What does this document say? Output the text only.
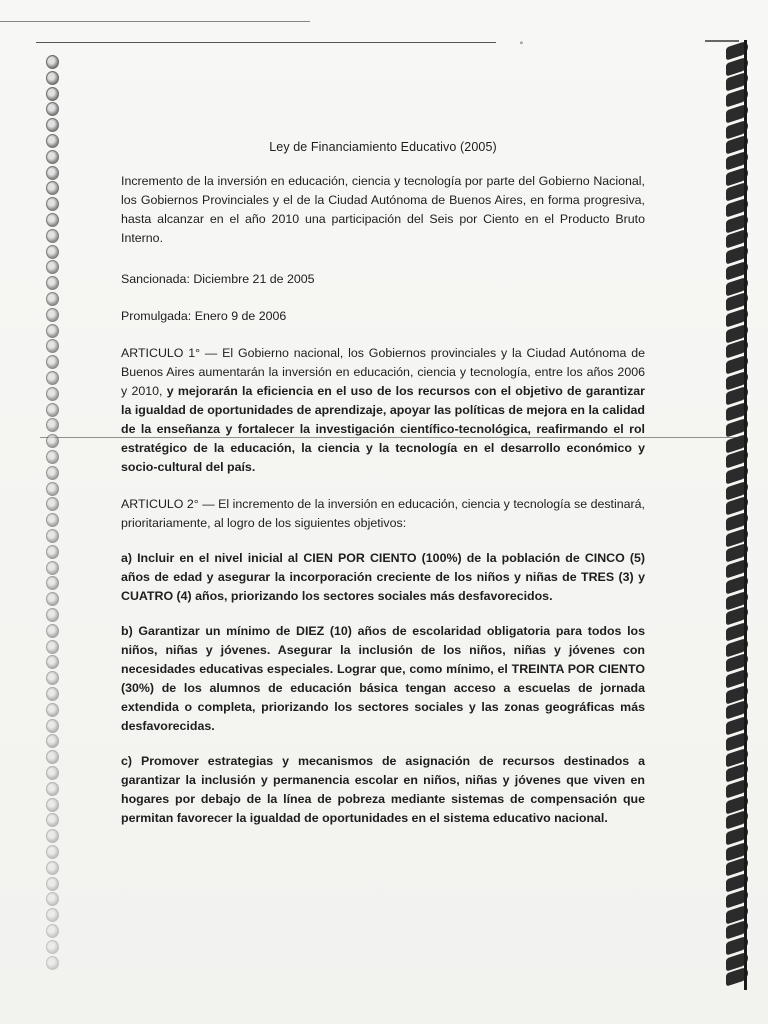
˚
Ley de Financiamiento Educativo (2005)

Incremento de la inversión en educación, ciencia y tecnología por parte del Gobierno Nacional, los Gobiernos Provinciales y el de la Ciudad Autónoma de Buenos Aires, en forma progresiva, hasta alcanzar en el año 2010 una participación del Seis por Ciento en el Producto Bruto Interno.

Sancionada: Diciembre 21 de 2005

Promulgada: Enero 9 de 2006

ARTICULO 1° — El Gobierno nacional, los Gobiernos provinciales y la Ciudad Autónoma de Buenos Aires aumentarán la inversión en educación, ciencia y tecnología, entre los años 2006 y 2010, y mejorarán la eficiencia en el uso de los recursos con el objetivo de garantizar la igualdad de oportunidades de aprendizaje, apoyar las políticas de mejora en la calidad de la enseñanza y fortalecer la investigación científico-tecnológica, reafirmando el rol estratégico de la educación, la ciencia y la tecnología en el desarrollo económico y socio-cultural del país.

ARTICULO 2° — El incremento de la inversión en educación, ciencia y tecnología se destinará, prioritariamente, al logro de los siguientes objetivos:

a) Incluir en el nivel inicial al CIEN POR CIENTO (100%) de la población de CINCO (5) años de edad y asegurar la incorporación creciente de los niños y niñas de TRES (3) y CUATRO (4) años, priorizando los sectores sociales más desfavorecidos.

b) Garantizar un mínimo de DIEZ (10) años de escolaridad obligatoria para todos los niños, niñas y jóvenes. Asegurar la inclusión de los niños, niñas y jóvenes con necesidades educativas especiales. Lograr que, como mínimo, el TREINTA POR CIENTO (30%) de los alumnos de educación básica tengan acceso a escuelas de jornada extendida o completa, priorizando los sectores sociales y las zonas geográficas más desfavorecidas.

c) Promover estrategias y mecanismos de asignación de recursos destinados a garantizar la inclusión y permanencia escolar en niños, niñas y jóvenes que viven en hogares por debajo de la línea de pobreza mediante sistemas de compensación que permitan favorecer la igualdad de oportunidades en el sistema educativo nacional.
